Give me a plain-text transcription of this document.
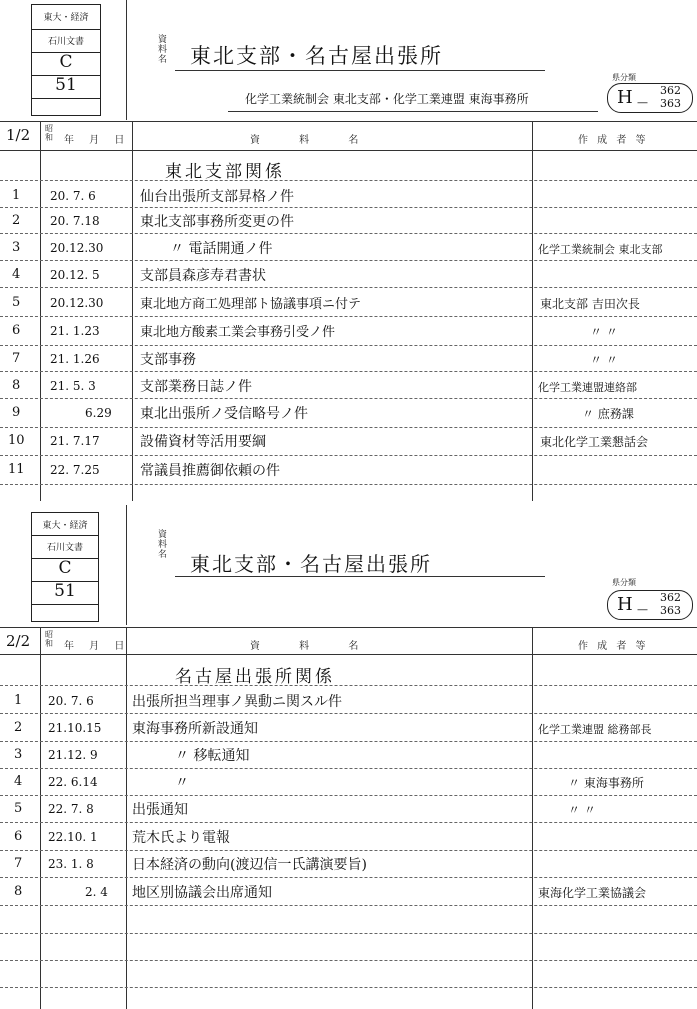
東大・経済
石川文書
C
51
資料名 東北支部・名古屋出張所
化学工業統制会 東北支部・化学工業連盟 東海事務所
県分類
H —
362
363
1/2 昭和 年 月 日	資 料 名	作 成 者 等
東北支部関係
1 20. 7. 6	仙台出張所支部昇格ノ件
2 20. 7.18	東北支部事務所変更の件
3 20.12.30	〃 電話開通ノ件	化学工業統制会 東北支部
4 20.12. 5	支部員森彦寿君書状
5 20.12.30	東北地方商工処理部ト協議事項ニ付テ	東北支部 吉田次長
6 21. 1.23	東北地方酸素工業会事務引受ノ件	〃 〃
7 21. 1.26	支部事務	〃 〃
8 21. 5. 3	支部業務日誌ノ件	化学工業連盟連絡部
9	6.29 東北出張所ノ受信略号ノ件	〃 庶務課
10 21. 7.17	設備資材等活用要綱	東北化学工業懇話会
11 22. 7.25	常議員推薦御依頼の件
東大・経済
石川文書
C
51
資料名 東北支部・名古屋出張所
県分類
H —
362
363
2/2 昭和 年 月 日	資 料 名	作 成 者 等
名古屋出張所関係
1 20. 7. 6	出張所担当理事ノ異動ニ関スル件
2 21.10.15 東海事務所新設通知	化学工業連盟 総務部長
3 21.12. 9	〃 移転通知
4 22. 6.14	〃	〃 東海事務所
5 22. 7. 8	出張通知	〃 〃
6 22.10. 1 荒木氏より電報
7 23. 1. 8	日本経済の動向(渡辺信一氏講演要旨)
8	2. 4 地区別協議会出席通知	東海化学工業協議会
